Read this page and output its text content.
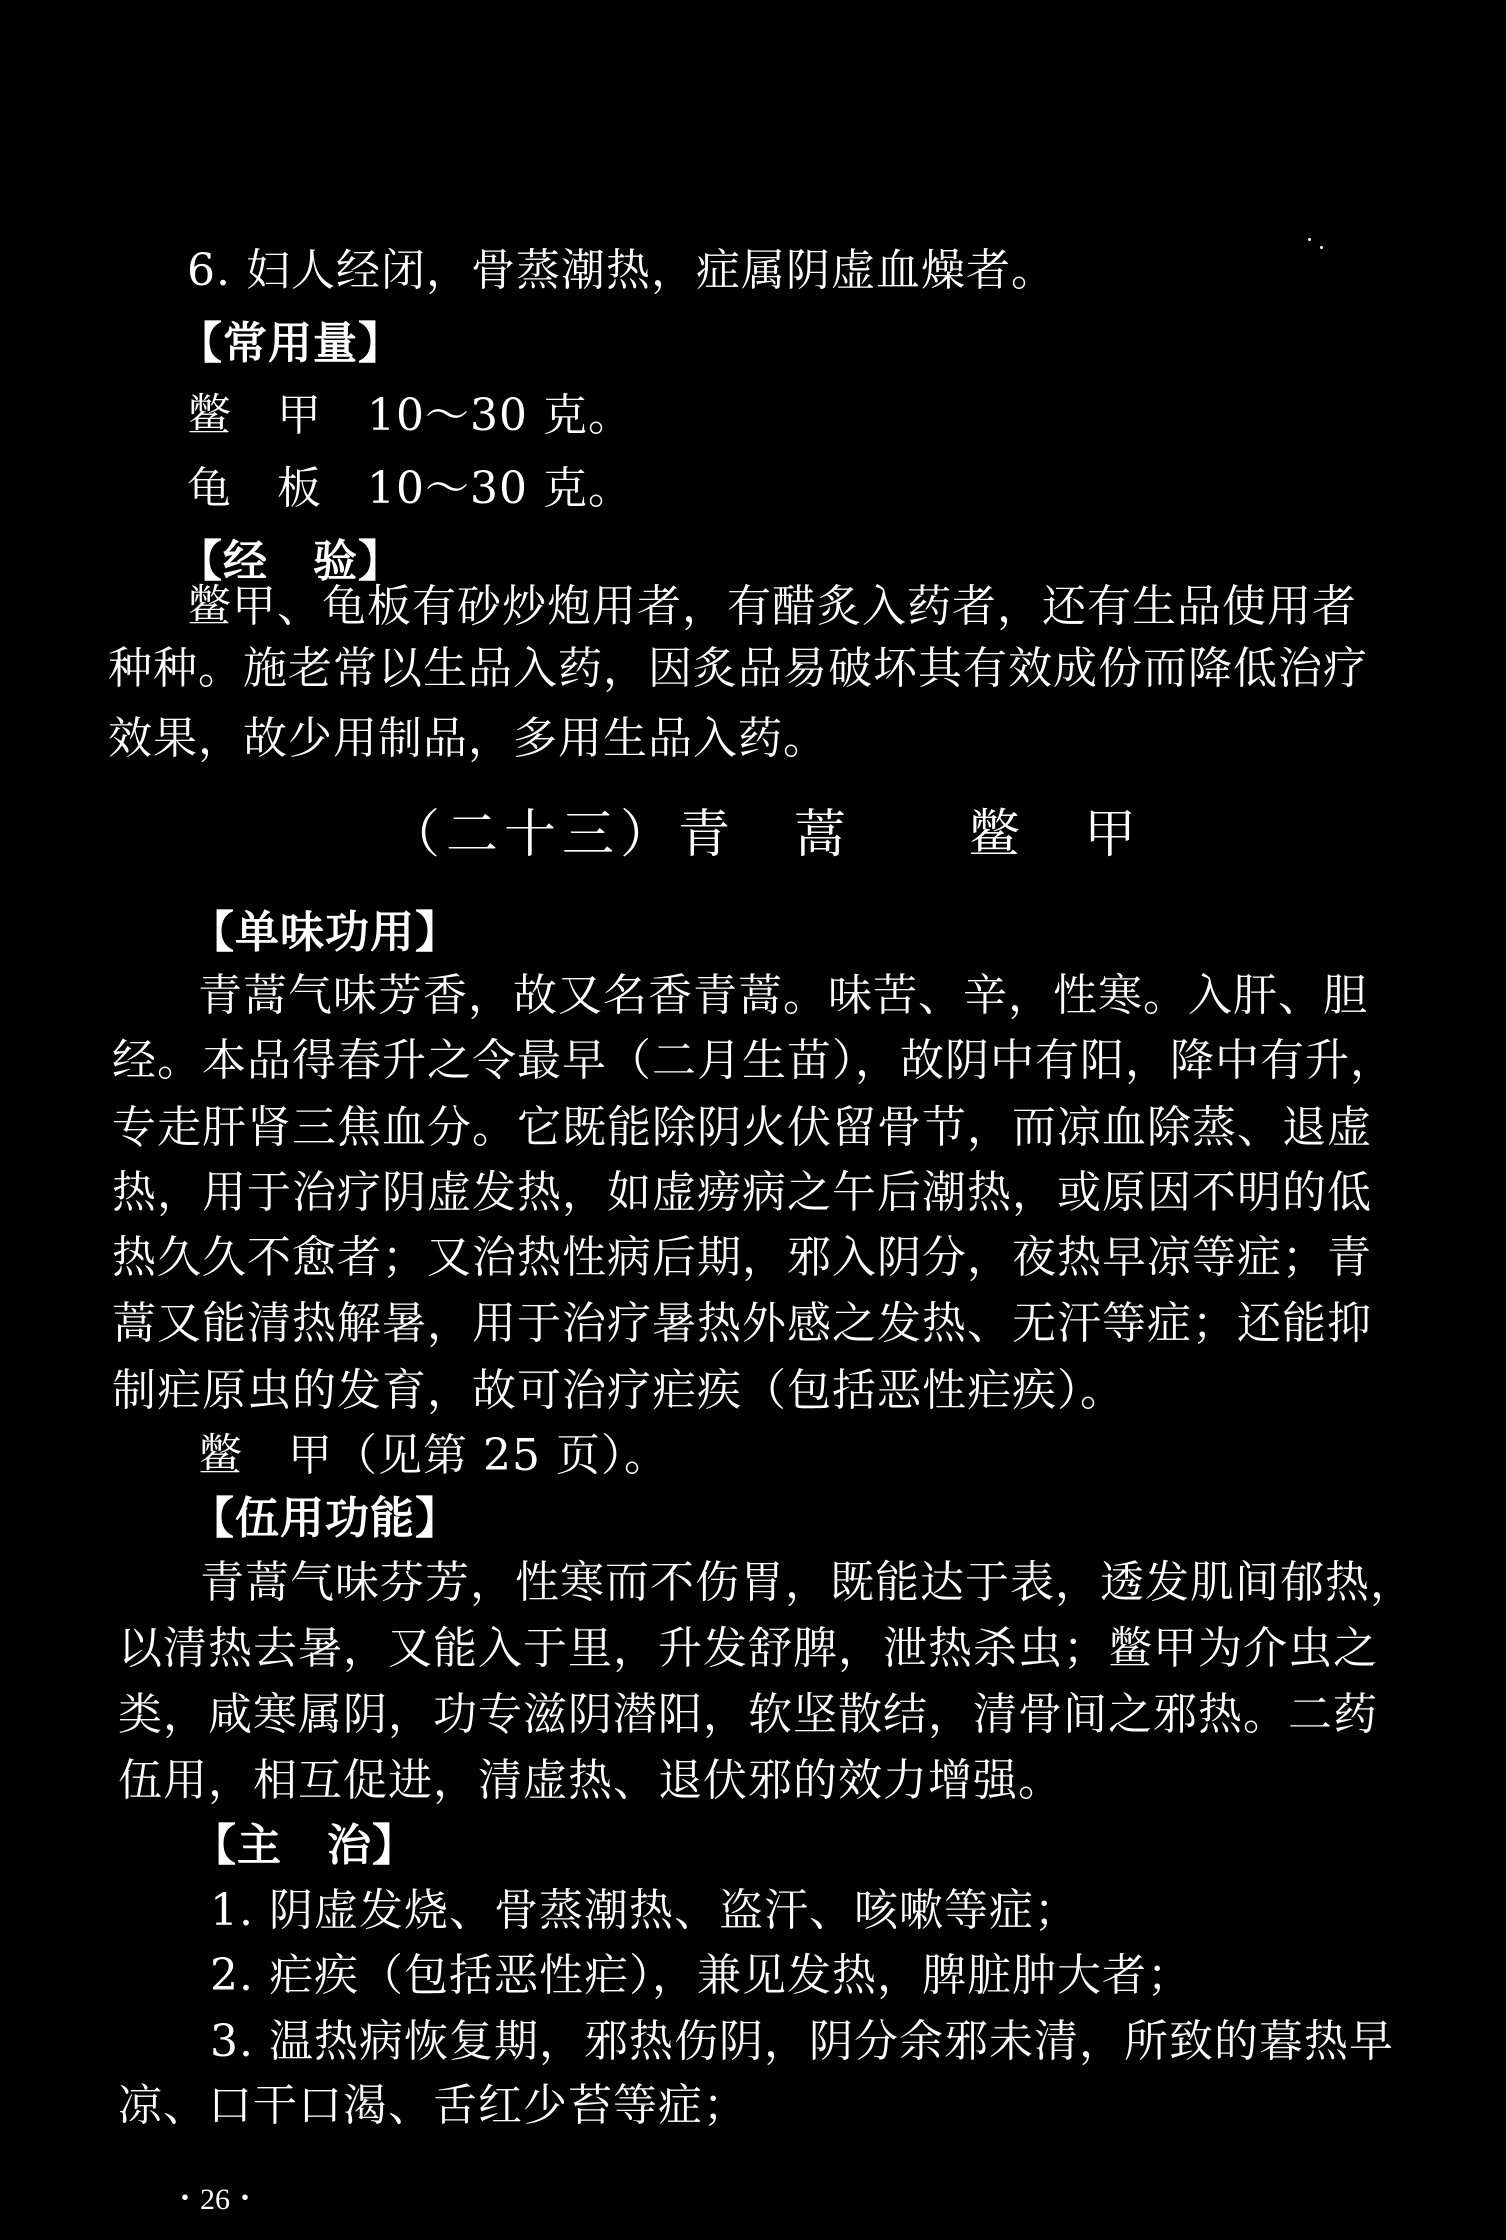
6. 妇人经闭，骨蒸潮热，症属阴虚血燥者。
【常用量】
鳖　甲　10～30 克。
龟　板　10～30 克。
【经　验】
鳖甲、龟板有砂炒炮用者，有醋炙入药者，还有生品使用者
种种。施老常以生品入药，因炙品易破坏其有效成份而降低治疗
效果，故少用制品，多用生品入药。
（二十三）青　蒿　　鳖　甲
【单味功用】
青蒿气味芳香，故又名香青蒿。味苦、辛，性寒。入肝、胆
经。本品得春升之令最早（二月生苗），故阴中有阳，降中有升，
专走肝肾三焦血分。它既能除阴火伏留骨节，而凉血除蒸、退虚
热，用于治疗阴虚发热，如虚痨病之午后潮热，或原因不明的低
热久久不愈者；又治热性病后期，邪入阴分，夜热早凉等症；青
蒿又能清热解暑，用于治疗暑热外感之发热、无汗等症；还能抑
制疟原虫的发育，故可治疗疟疾（包括恶性疟疾）。
鳖　甲（见第 25 页）。
【伍用功能】
青蒿气味芬芳，性寒而不伤胃，既能达于表，透发肌间郁热，
以清热去暑，又能入于里，升发舒脾，泄热杀虫；鳖甲为介虫之
类，咸寒属阴，功专滋阴潜阳，软坚散结，清骨间之邪热。二药
伍用，相互促进，清虚热、退伏邪的效力增强。
【主　治】
1. 阴虚发烧、骨蒸潮热、盗汗、咳嗽等症；
2. 疟疾（包括恶性疟），兼见发热，脾脏肿大者；
3. 温热病恢复期，邪热伤阴，阴分余邪未清，所致的暮热早
凉、口干口渴、舌红少苔等症；
・26・
